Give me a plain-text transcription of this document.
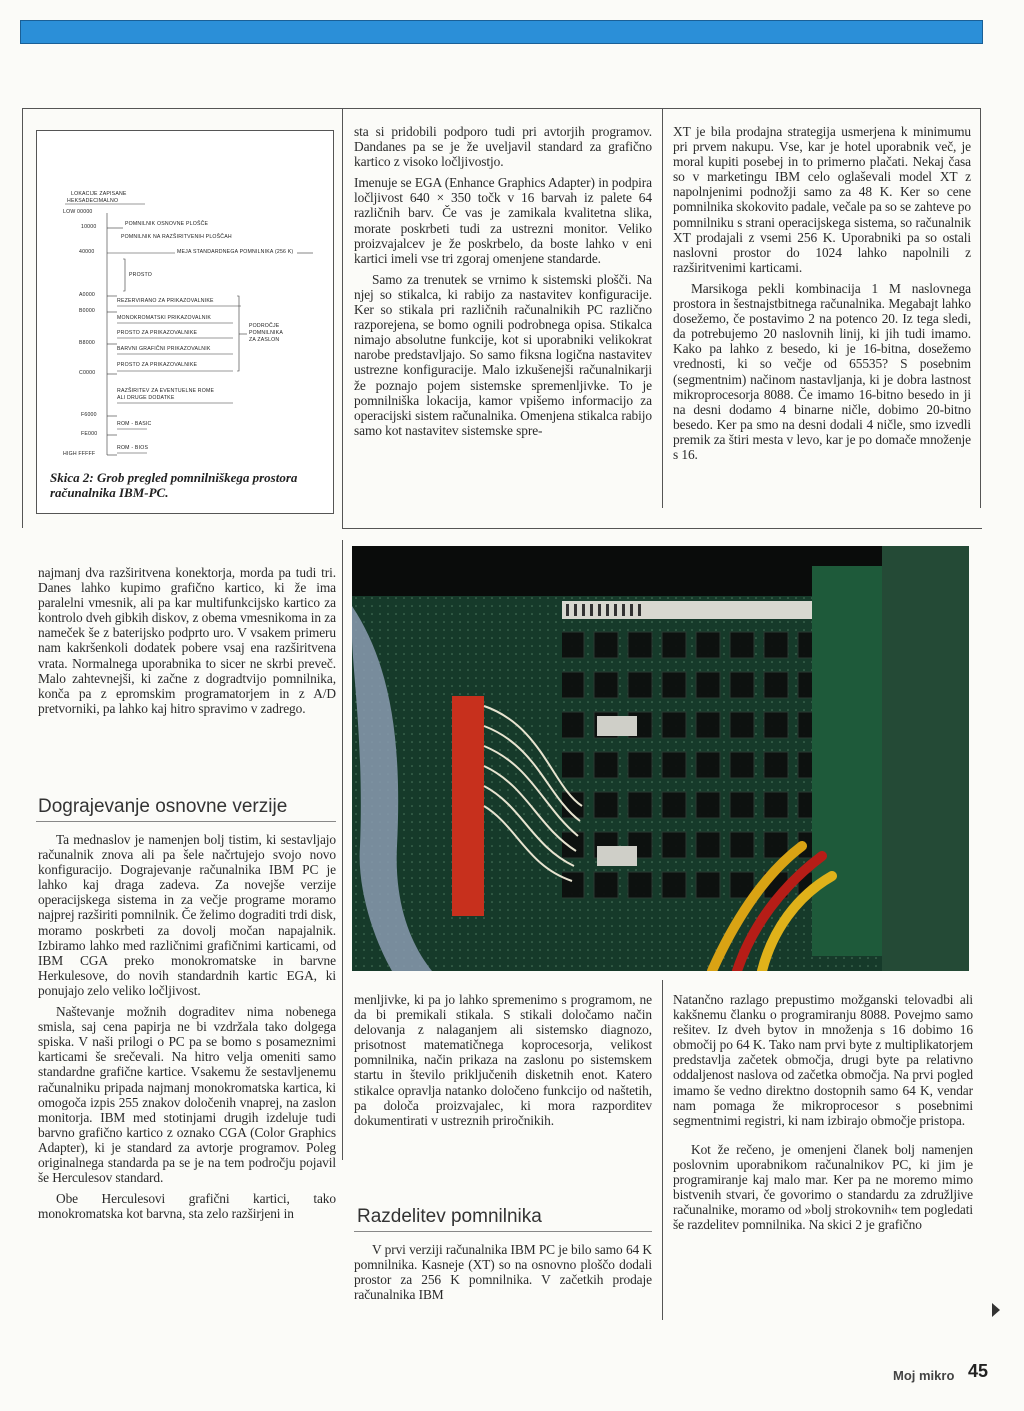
LOKACIJE ZAPISANE
HEKSADECIMALNO
LOW 00000
10000
40000
A0000
B0000
B8000
C0000
F6000
FE000
HIGH FFFFF
POMNILNIK OSNOVNE PLOŠČE
POMNILNIK NA RAZŠIRITVENIH PLOŠČAH
MEJA STANDARDNEGA POMNILNIKA (256 K)
PROSTO
REZERVIRANO ZA PRIKAZOVALNIKE
MONOKROMATSKI PRIKAZOVALNIK
PROSTO ZA PRIKAZOVALNIKE
BARVNI GRAFIČNI PRIKAZOVALNIK
PROSTO ZA PRIKAZOVALNIKE
PODROČJE
POMNILNIKA
ZA ZASLON
RAZŠIRITEV ZA EVENTUELNE ROME
ALI DRUGE DODATKE
ROM - BASIC
ROM - BIOS
Skica 2: Grob pregled pomnilniškega prostora računalnika IBM-PC.

sta si pridobili podporo tudi pri avtorjih programov. Dandanes pa se je že uveljavil standard za grafično kartico z visoko ločljivostjo.

Imenuje se EGA (Enhance Graphics Adapter) in podpira ločljivost 640 × 350 točk v 16 barvah iz palete 64 različnih barv. Če vas je zamikala kvalitetna slika, morate poskrbeti tudi za ustrezni monitor. Veliko proizvajalcev je že poskrbelo, da boste lahko v eni kartici imeli vse tri zgoraj omenjene standarde.

Samo za trenutek se vrnimo k sistemski plošči. Na njej so stikalca, ki rabijo za nastavitev konfiguracije. Ker so stikala pri različnih računalnikih PC različno razporejena, se bomo ognili podrobnega opisa. Stikalca nimajo absolutne funkcije, kot si uporabniki velikokrat narobe predstavljajo. So samo fiksna logična nastavitev ustrezne konfiguracije. Malo izkušenejši računalnikarji že poznajo pojem sistemske spremenljivke. To je pomnilniška lokacija, kamor vpišemo informacijo za operacijski sistem računalnika. Omenjena stikalca rabijo samo kot nastavitev sistemske spre-

XT je bila prodajna strategija usmerjena k minimumu pri prvem nakupu. Vse, kar je hotel uporabnik več, je moral kupiti posebej in to primerno plačati. Nekaj časa so v marketingu IBM celo oglaševali model XT z napolnjenimi podnožji samo za 48 K. Ker so cene pomnilnika skokovito padale, večale pa so se zahteve po pomnilniku s strani operacijskega sistema, so računalnik XT prodajali z vsemi 256 K. Uporabniki pa so ostali naslovni prostor do 1024 lahko napolnili z razširitvenimi karticami.

Marsikoga pekli kombinacija 1 M naslovnega prostora in šestnajstbitnega računalnika. Megabajt lahko dosežemo, če postavimo 2 na potenco 20. Iz tega sledi, da potrebujemo 20 naslovnih linij, ki jih tudi imamo. Kako pa lahko z besedo, ki je 16-bitna, dosežemo vrednosti, ki so večje od 65535? S posebnim (segmentnim) načinom nastavljanja, ki je dobra lastnost mikroprocesorja 8088. Če imamo 16-bitno besedo in ji na desni dodamo 4 binarne ničle, dobimo 20-bitno besedo. Ker pa smo na desni dodali 4 ničle, smo izvedli premik za štiri mesta v levo, kar je po domače množenje s 16.

najmanj dva razširitvena konektorja, morda pa tudi tri. Danes lahko kupimo grafično kartico, ki že ima paralelni vmesnik, ali pa kar multifunkcijsko kartico za kontrolo dveh gibkih diskov, z obema vmesnikoma in za nameček še z baterijsko podprto uro. V vsakem primeru nam kakršenkoli dodatek pobere vsaj ena razširitvena vrata. Normalnega uporabnika to sicer ne skrbi preveč. Malo zahtevnejši, ki začne z dogradtvijo pomnilnika, konča pa z epromskim programatorjem in z A/D pretvorniki, pa lahko kaj hitro spravimo v zadrego.

Dograjevanje osnovne verzije

Ta mednaslov je namenjen bolj tistim, ki sestavljajo računalnik znova ali pa šele načrtujejo svojo novo konfiguracijo. Dograjevanje računalnika IBM PC je lahko kaj draga zadeva. Za novejše verzije operacijskega sistema in za večje programe moramo najprej razširiti pomnilnik. Če želimo dograditi trdi disk, moramo poskrbeti za dovolj močan napajalnik. Izbiramo lahko med različnimi grafičnimi karticami, od IBM CGA preko monokromatske in barvne Herkulesove, do novih standardnih kartic EGA, ki ponujajo zelo veliko ločljivost.

Naštevanje možnih dograditev nima nobenega smisla, saj cena papirja ne bi vzdržala tako dolgega spiska. V naši prilogi o PC pa se bomo s posameznimi karticami še srečevali. Na hitro velja omeniti samo standardne grafične kartice. Vsakemu že sestavljenemu računalniku pripada najmanj monokromatska kartica, ki omogoča izpis 255 znakov določenih vnaprej, na zaslon monitorja. IBM med stotinjami drugih izdeluje tudi barvno grafično kartico z oznako CGA (Color Graphics Adapter), ki je standard za avtorje programov. Poleg originalnega standarda pa se je na tem področju pojavil še Herculesov standard.

Obe Herculesovi grafični kartici, tako monokromatska kot barvna, sta zelo razširjeni in

menljivke, ki pa jo lahko spremenimo s programom, ne da bi premikali stikala. S stikali določamo način delovanja z nalaganjem ali sistemsko diagnozo, prisotnost matematičnega koprocesorja, velikost pomnilnika, način prikaza na zaslonu po sistemskem startu in število priključenih disketnih enot. Katero stikalce opravlja natanko določeno funkcijo od naštetih, pa določa proizvajalec, ki mora razporditev dokumentirati v ustreznih priročnikih.

Razdelitev pomnilnika

V prvi verziji računalnika IBM PC je bilo samo 64 K pomnilnika. Kasneje (XT) so na osnovno ploščo dodali prostor za 256 K pomnilnika. V začetkih prodaje računalnika IBM

Natančno razlago prepustimo možganski telovadbi ali kakšnemu članku o programiranju 8088. Povejmo samo rešitev. Iz dveh bytov in množenja s 16 dobimo 16 območij po 64 K. Tako nam prvi byte z multiplikatorjem predstavlja začetek območja, drugi byte pa relativno oddaljenost naslova od začetka območja. Na prvi pogled imamo še vedno direktno dostopnih samo 64 K, vendar nam pomaga že mikroprocesor s posebnimi segmentnimi registri, ki nam izbirajo območje pristopa.

Kot že rečeno, je omenjeni članek bolj namenjen poslovnim uporabnikom računalnikov PC, ki jim je programiranje kaj malo mar. Ker pa ne moremo mimo bistvenih stvari, če govorimo o standardu za združljive računalnike, moramo od »bolj strokovnih« tem pogledati še razdelitev pomnilnika. Na skici 2 je grafično

Moj mikro 45
